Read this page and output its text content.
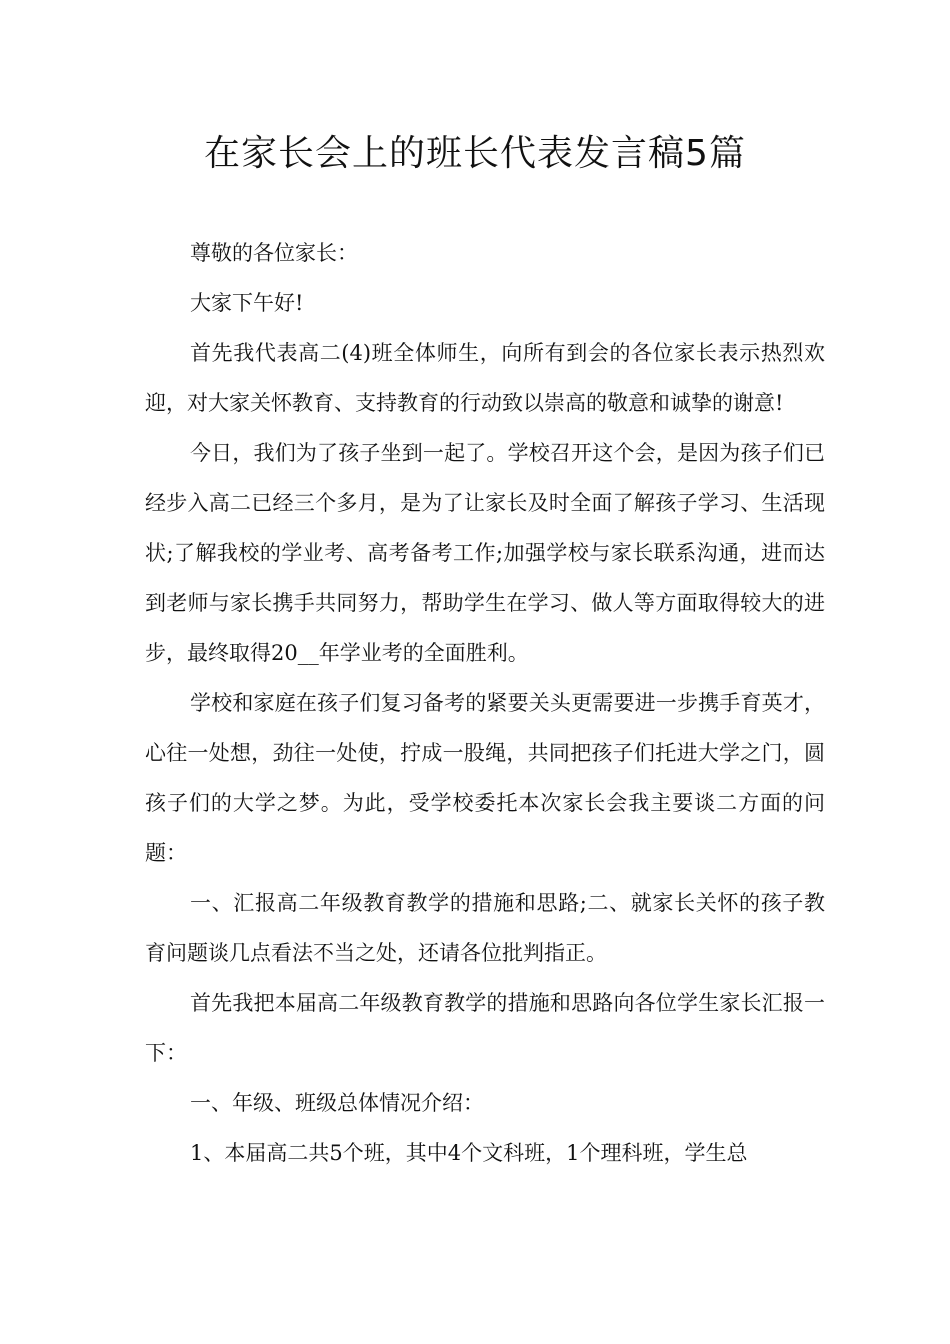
在家长会上的班长代表发言稿5篇

尊敬的各位家长：

大家下午好!

首先我代表高二(4)班全体师生，向所有到会的各位家长表示热烈欢迎，对大家关怀教育、支持教育的行动致以崇高的敬意和诚挚的谢意!

今日，我们为了孩子坐到一起了。学校召开这个会，是因为孩子们已经步入高二已经三个多月，是为了让家长及时全面了解孩子学习、生活现状;了解我校的学业考、高考备考工作;加强学校与家长联系沟通，进而达到老师与家长携手共同努力，帮助学生在学习、做人等方面取得较大的进步，最终取得20__年学业考的全面胜利。

学校和家庭在孩子们复习备考的紧要关头更需要进一步携手育英才，心往一处想，劲往一处使，拧成一股绳，共同把孩子们托进大学之门，圆孩子们的大学之梦。为此，受学校委托本次家长会我主要谈二方面的问题：

一、汇报高二年级教育教学的措施和思路;二、就家长关怀的孩子教育问题谈几点看法不当之处，还请各位批判指正。

首先我把本届高二年级教育教学的措施和思路向各位学生家长汇报一下：

一、年级、班级总体情况介绍：

1、本届高二共5个班，其中4个文科班，1个理科班，学生总
